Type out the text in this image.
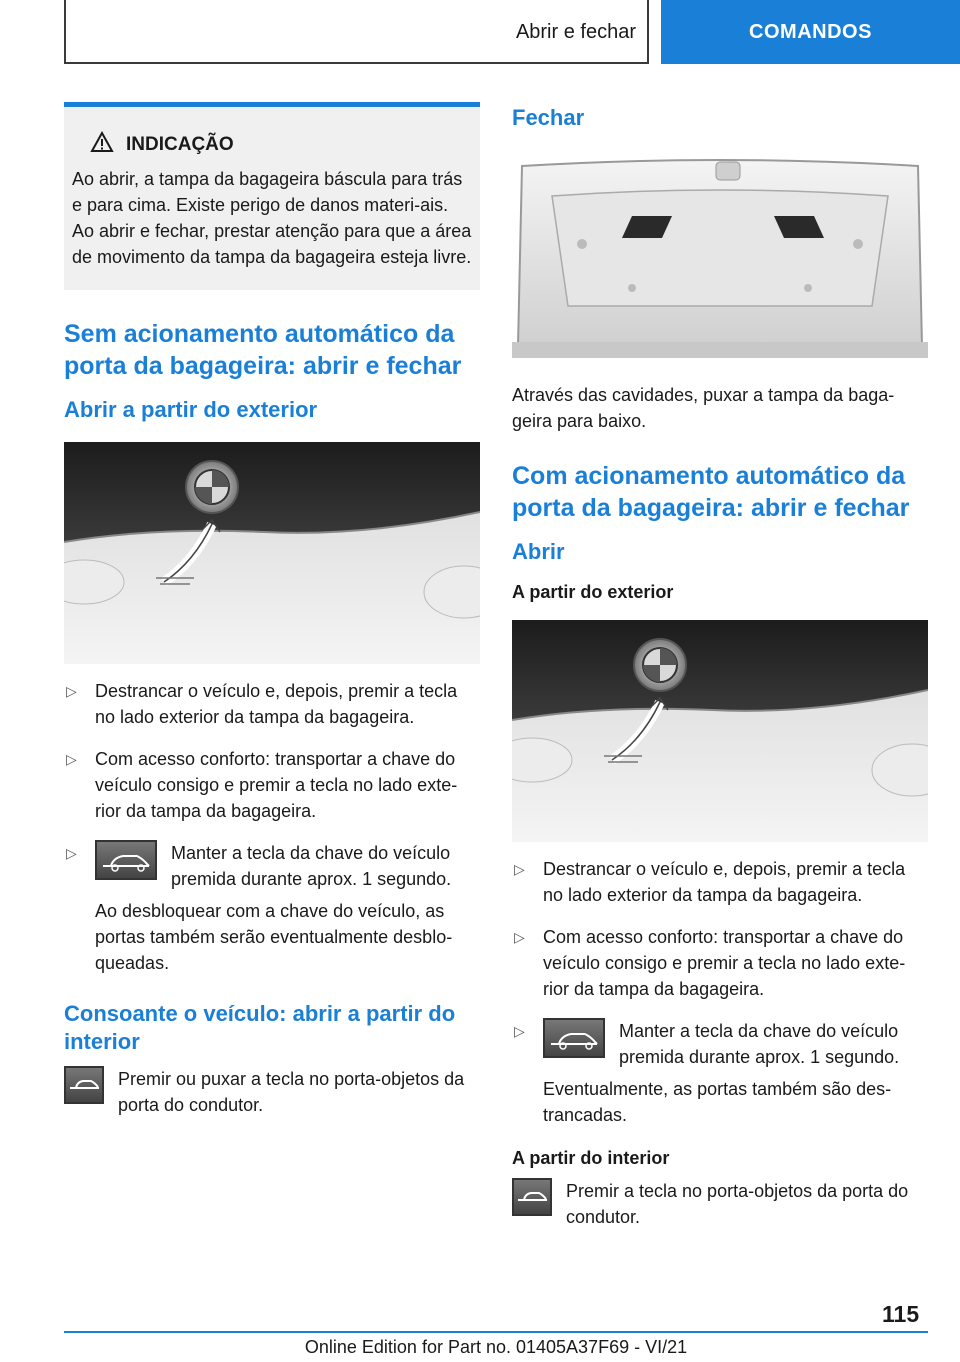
Abrir e fechar	COMANDOS
INDICAÇÃO
Ao abrir, a tampa da bagageira báscula para trás e para cima. Existe perigo de danos materi-ais. Ao abrir e fechar, prestar atenção para que a área de movimento da tampa da bagageira esteja livre.
Sem acionamento automático da porta da bagageira: abrir e fechar
Abrir a partir do exterior
▷ Destrancar o veículo e, depois, premir a tecla no lado exterior da tampa da bagageira.
▷ Com acesso conforto: transportar a chave do veículo consigo e premir a tecla no lado exte-rior da tampa da bagageira.
▷	Manter a tecla da chave do veículo premida durante aprox. 1 segundo.
Ao desbloquear com a chave do veículo, as portas também serão eventualmente desblo-queadas.
Consoante o veículo: abrir a partir do interior
Premir ou puxar a tecla no porta-objetos da porta do condutor.
Fechar
Através das cavidades, puxar a tampa da baga-geira para baixo.
Com acionamento automático da porta da bagageira: abrir e fechar
Abrir
A partir do exterior
▷ Destrancar o veículo e, depois, premir a tecla no lado exterior da tampa da bagageira.
▷ Com acesso conforto: transportar a chave do veículo consigo e premir a tecla no lado exte-rior da tampa da bagageira.
▷	Manter a tecla da chave do veículo premida durante aprox. 1 segundo.
Eventualmente, as portas também são des-trancadas.
A partir do interior
Premir a tecla no porta-objetos da porta do condutor.
115
Online Edition for Part no. 01405A37F69 - VI/21
